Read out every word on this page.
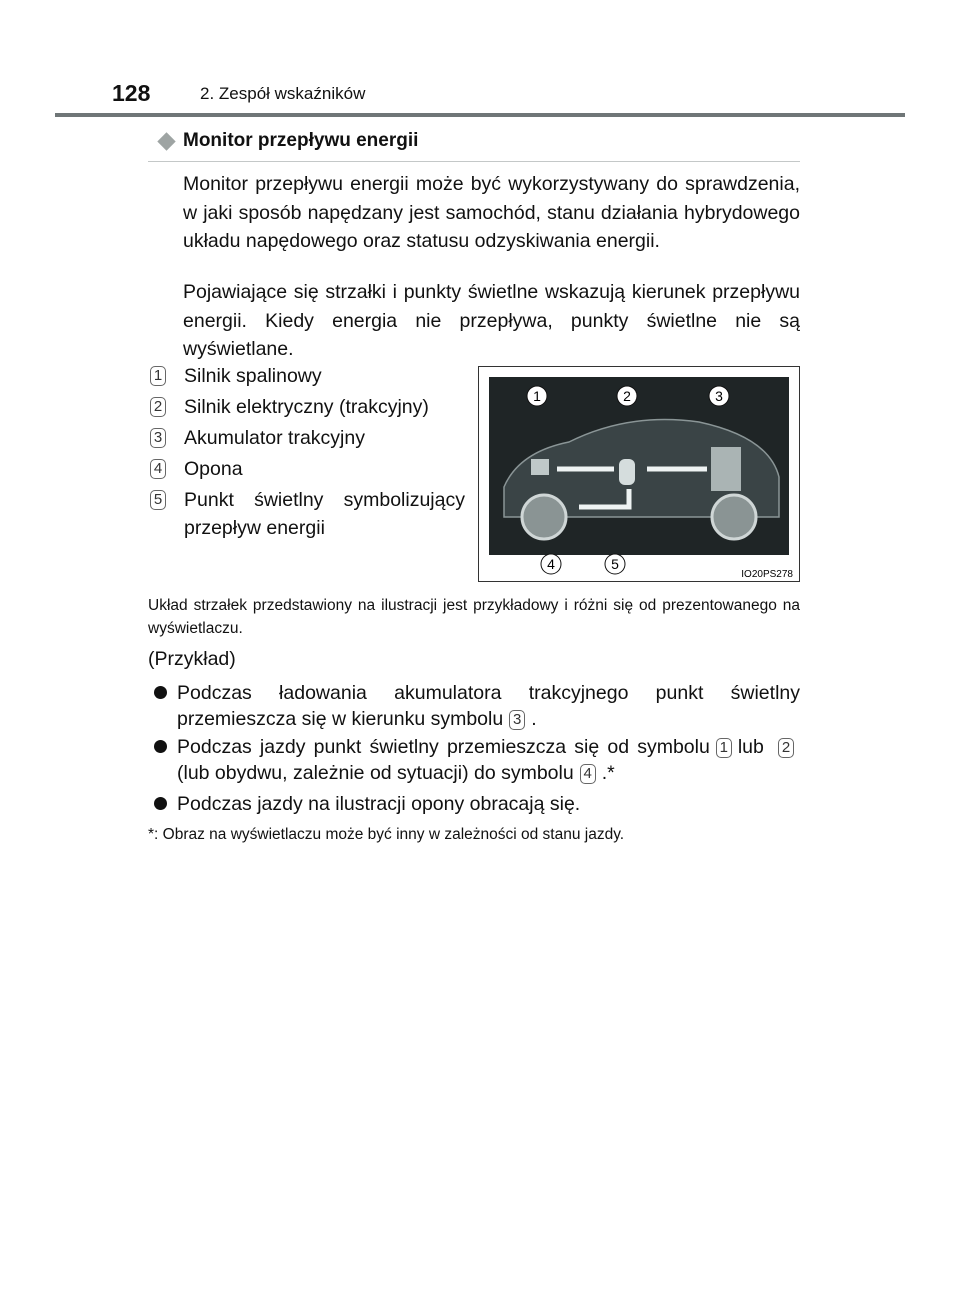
128	2. Zespół wskaźników
Monitor przepływu energii
Monitor przepływu energii może być wykorzystywany do sprawdzenia, w jaki sposób napędzany jest samochód, stanu działania hybrydowego układu napędowego oraz statusu odzyskiwania energii.
Pojawiające się strzałki i punkty świetlne wskazują kierunek przepływu energii. Kiedy energia nie przepływa, punkty świetlne nie są wyświetlane.
1 Silnik spalinowy
2 Silnik elektryczny (trakcyjny)
3 Akumulator trakcyjny
4 Opona
5 Punkt świetlny symbolizujący przepływ energii
1	2	3
4	5
IO20PS278
Układ strzałek przedstawiony na ilustracji jest przykładowy i różni się od prezentowanego na wyświetlaczu.
(Przykład)
Podczas ładowania akumulatora trakcyjnego punkt świetlny przemieszcza się w kierunku symbolu 3 .
Podczas jazdy punkt świetlny przemieszcza się od symbolu 1 lub 2(lub obydwu, zależnie od sytuacji) do symbolu 4 .*
Podczas jazdy na ilustracji opony obracają się.
*: Obraz na wyświetlaczu może być inny w zależności od stanu jazdy.
